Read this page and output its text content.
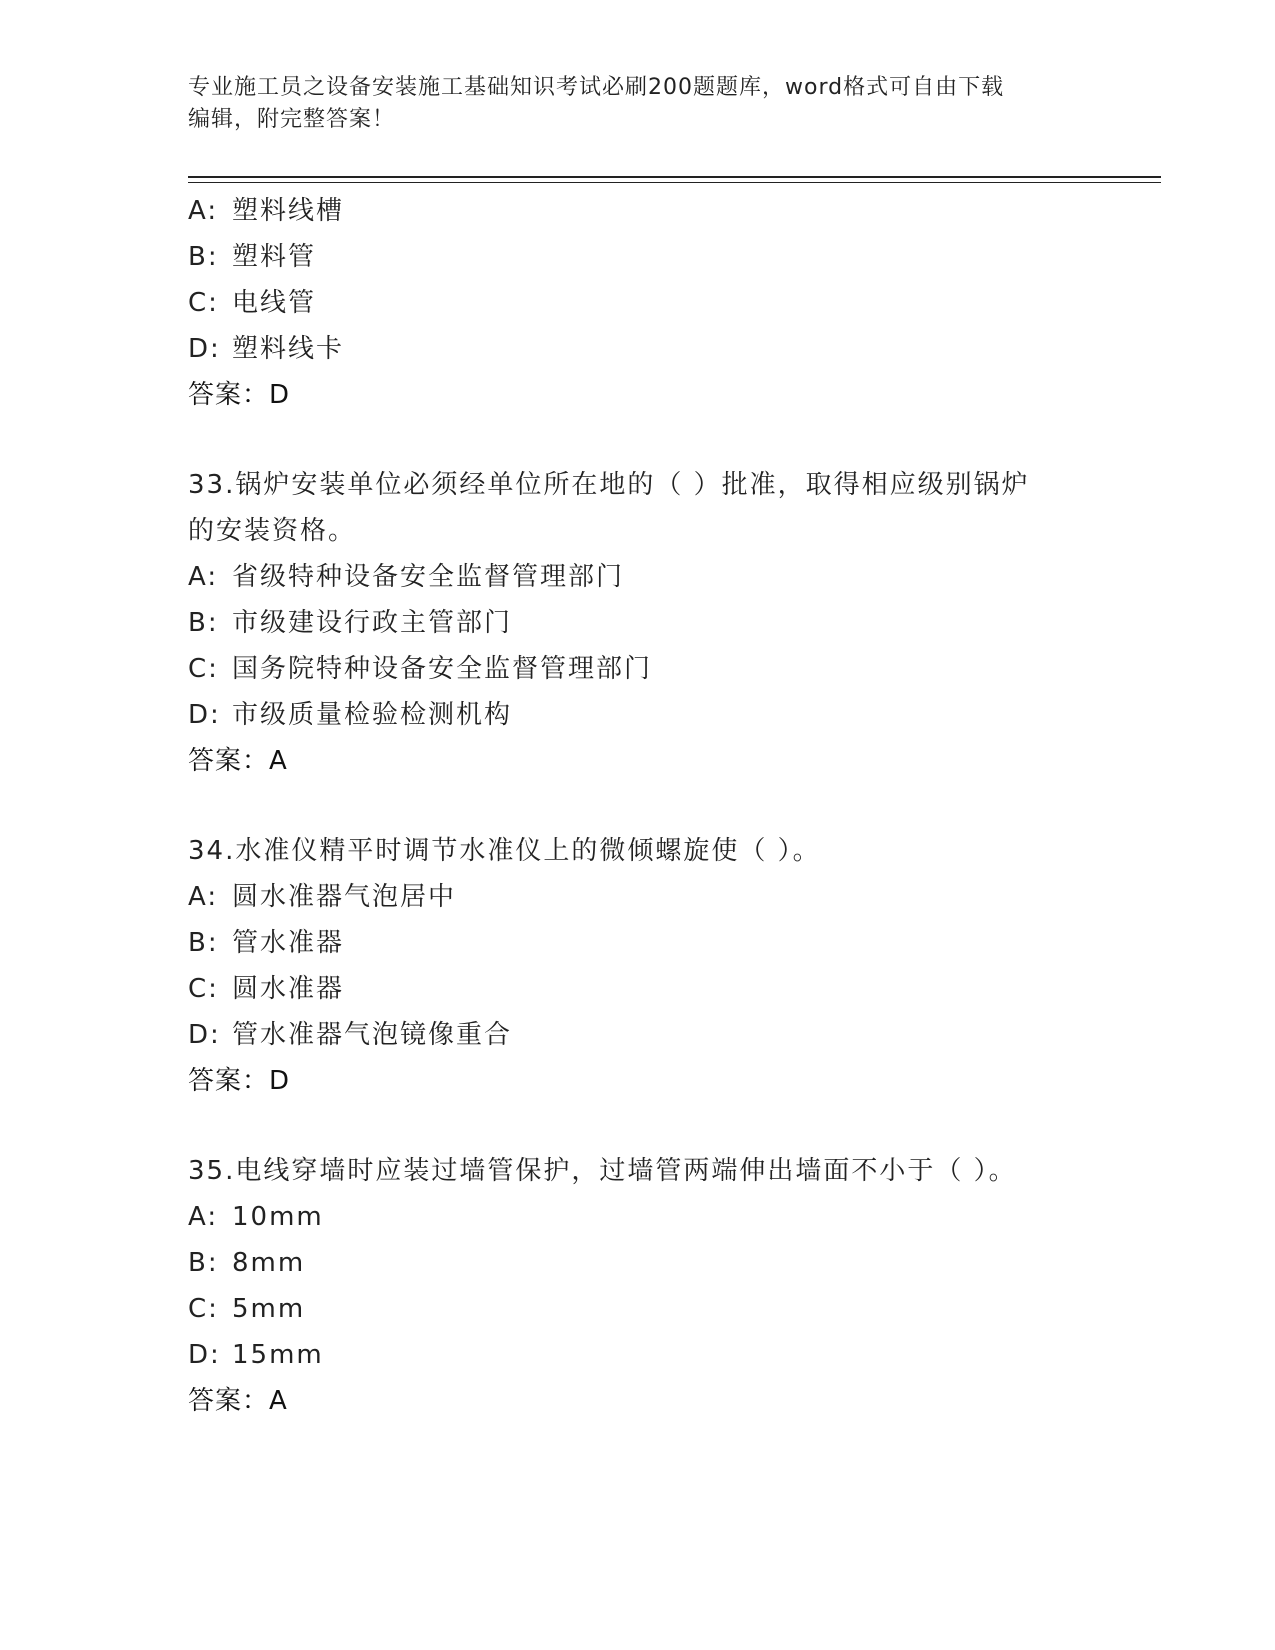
专业施工员之设备安装施工基础知识考试必刷200题题库，word格式可自由下载
编辑，附完整答案！
A: 塑料线槽
B: 塑料管
C: 电线管
D: 塑料线卡
答案：D
33.锅炉安装单位必须经单位所在地的（ ）批准，取得相应级别锅炉
的安装资格。
A: 省级特种设备安全监督管理部门
B: 市级建设行政主管部门
C: 国务院特种设备安全监督管理部门
D: 市级质量检验检测机构
答案：A
34.水准仪精平时调节水准仪上的微倾螺旋使（ ）。
A: 圆水准器气泡居中
B: 管水准器
C: 圆水准器
D: 管水准器气泡镜像重合
答案：D
35.电线穿墙时应装过墙管保护，过墙管两端伸出墙面不小于（ ）。
A: 10mm
B: 8mm
C: 5mm
D: 15mm
答案：A
